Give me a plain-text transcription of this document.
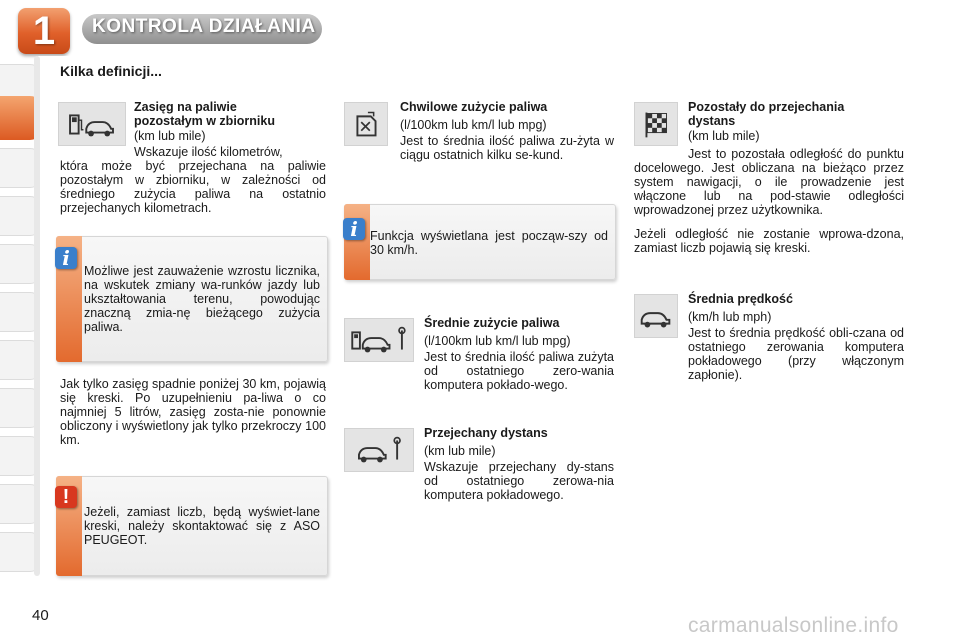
1	KONTROLA DZIAŁANIA
Kilka definicji...
Zasięg na paliwie
pozostałym w zbiorniku
(km lub mile)
Wskazuje ilość kilometrów,
która może być przejechana na paliwie pozostałym w zbiorniku, w zależności od średniego zużycia paliwa na ostatnio przejechanych kilometrach.
i
Możliwe jest zauważenie wzrostu licznika, na wskutek zmiany wa-runków jazdy lub ukształtowania terenu, powodując znaczną zmia-nę bieżącego zużycia paliwa.
Jak tylko zasięg spadnie poniżej 30 km, pojawią się kreski. Po uzupełnieniu pa-liwa o co najmniej 5 litrów, zasięg zosta-nie ponownie obliczony i wyświetlony jak tylko przekroczy 100 km.
!
Jeżeli, zamiast liczb, będą wyświet-lane kreski, należy skontaktować się z ASO PEUGEOT.
Chwilowe zużycie paliwa
(l/100km lub km/l lub mpg)
Jest to średnia ilość paliwa zu-żyta w ciągu ostatnich kilku se-kund.
i Funkcja wyświetlana jest począw-szy od 30 km/h.
Średnie zużycie paliwa
(l/100km lub km/l lub mpg)
Jest to średnia ilość paliwa zużyta od ostatniego zero-wania komputera pokłado-wego.
Przejechany dystans
(km lub mile)
Wskazuje przejechany dy-stans od ostatniego zerowa-nia komputera pokładowego.
Pozostały do przejechania
dystans
(km lub mile)
Jest to pozostała odległość do punktu docelowego. Jest obliczana na bieżąco przez system nawigacji, o ile prowadzenie jest włączone lub na pod-stawie odległości wprowadzonej przez użytkownika.
Jeżeli odległość nie zostanie wprowa-dzona, zamiast liczb pojawią się kreski.
Średnia prędkość
(km/h lub mph)
Jest to średnia prędkość obli-czana od ostatniego zerowania komputera pokładowego (przy włączonym zapłonie).
40	carmanualsonline.info
